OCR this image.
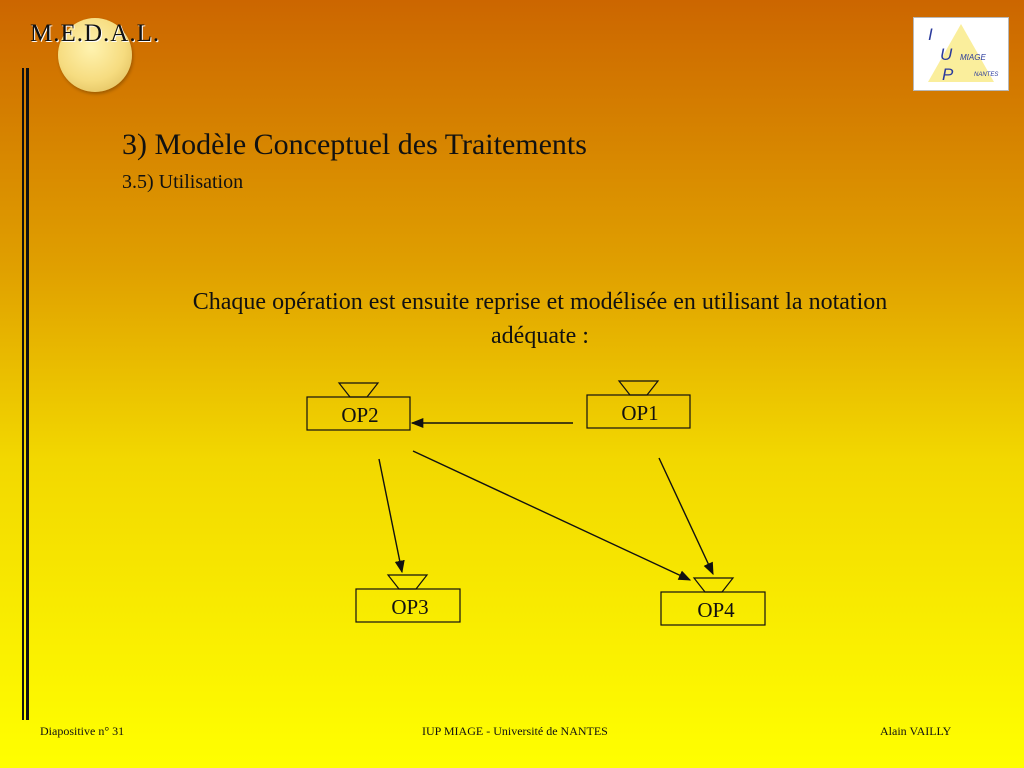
M.E.D.A.L.	I
U
P
MIAGE
NANTES
3) Modèle Conceptuel des Traitements
3.5) Utilisation
Chaque opération est ensuite reprise et modélisée en utilisant la notation adéquate :
OP2	OP1
OP3	OP4
Diapositive n° 31	IUP MIAGE - Université de NANTES	Alain VAILLY
